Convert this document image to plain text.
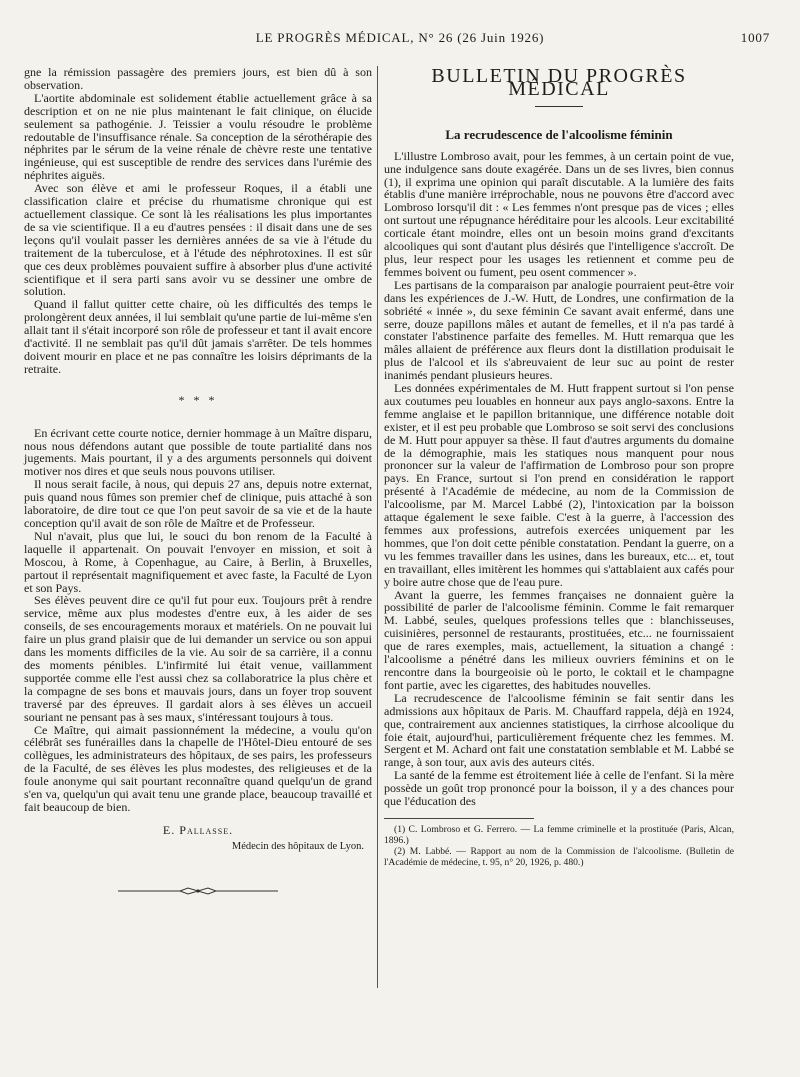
LE PROGRÈS MÉDICAL, N° 26 (26 Juin 1926)	1007

gne la rémission passagère des premiers jours, est bien dû à son observation.

L'aortite abdominale est solidement établie actuellement grâce à sa description et on ne nie plus maintenant le fait clinique, on élucide seulement sa pathogénie. J. Teissier a voulu résoudre le problème redoutable de l'insuffisance rénale. Sa conception de la sérothérapie des néphrites par le sérum de la veine rénale de chèvre reste une tentative ingénieuse, qui est susceptible de rendre des services dans l'urémie des néphrites aiguës.

Avec son élève et ami le professeur Roques, il a établi une classification claire et précise du rhumatisme chronique qui est actuellement classique. Ce sont là les réalisations les plus importantes de sa vie scientifique. Il a eu d'autres pensées : il disait dans une de ses leçons qu'il voulait passer les dernières années de sa vie à l'étude du traitement de la tuberculose, et à l'étude des néphrotoxines. Il est sûr que ces deux problèmes pouvaient suffire à absorber plus d'une activité scientifique et il sera parti sans avoir vu se dessiner une ombre de solution.

Quand il fallut quitter cette chaire, où les difficultés des temps le prolongèrent deux années, il lui semblait qu'une partie de lui-même s'en allait tant il s'était incorporé son rôle de professeur et tant il avait encore d'activité. Il ne semblait pas qu'il dût jamais s'arrêter. De tels hommes doivent mourir en place et ne pas connaître les loisirs déprimants de la retraite.

* * *

En écrivant cette courte notice, dernier hommage à un Maître disparu, nous nous défendons autant que possible de toute partialité dans nos jugements. Mais pourtant, il y a des arguments personnels qui doivent motiver nos dires et que seuls nous pouvons utiliser.

Il nous serait facile, à nous, qui depuis 27 ans, depuis notre externat, puis quand nous fûmes son premier chef de clinique, puis attaché à son laboratoire, de dire tout ce que l'on peut savoir de sa vie et de la haute conception qu'il avait de son rôle de Maître et de Professeur.

Nul n'avait, plus que lui, le souci du bon renom de la Faculté à laquelle il appartenait. On pouvait l'envoyer en mission, et soit à Moscou, à Rome, à Copenhague, au Caire, à Berlin, à Bruxelles, partout il représentait magnifiquement et avec faste, la Faculté de Lyon et son Pays.

Ses élèves peuvent dire ce qu'il fut pour eux. Toujours prêt à rendre service, même aux plus modestes d'entre eux, à les aider de ses conseils, de ses encouragements moraux et matériels. On ne pouvait lui faire un plus grand plaisir que de lui demander un service ou son appui dans les moments difficiles de la vie. Au soir de sa carrière, il a connu des moments pénibles. L'infirmité lui était venue, vaillamment supportée comme elle l'est aussi chez sa collaboratrice la plus chère et la compagne de ses bons et mauvais jours, dans un foyer trop souvent traversé par des épreuves. Il gardait alors à ses élèves un accueil souriant ne pensant pas à ses maux, s'intéressant toujours à tous.

Ce Maître, qui aimait passionnément la médecine, a voulu qu'on célébrât ses funérailles dans la chapelle de l'Hôtel-Dieu entouré de ses collègues, les administrateurs des hôpitaux, de ses pairs, les professeurs de la Faculté, de ses élèves les plus modestes, des religieuses et de la foule anonyme qui sait pourtant reconnaître quand quelqu'un de grand s'en va, quelqu'un qui avait tenu une grande place, beaucoup travaillé et fait beaucoup de bien.

E. Pallasse.
Médecin des hôpitaux de Lyon.
BULLETIN DU PROGRÈS MÉDICAL
La recrudescence de l'alcoolisme féminin

L'illustre Lombroso avait, pour les femmes, à un certain point de vue, une indulgence sans doute exagérée. Dans un de ses livres, bien connus (1), il exprima une opinion qui paraît discutable. A la lumière des faits établis d'une manière irréprochable, nous ne pouvons être d'accord avec Lombroso lorsqu'il dit : « Les femmes n'ont presque pas de vices ; elles ont surtout une répugnance héréditaire pour les alcools. Leur excitabilité corticale étant moindre, elles ont un besoin moins grand d'excitants alcooliques qui sont d'autant plus désirés que l'intelligence s'accroît. De plus, leur respect pour les usages les retiennent et comme peu de femmes boivent ou fument, peu osent commencer ».

Les partisans de la comparaison par analogie pourraient peut-être voir dans les expériences de J.-W. Hutt, de Londres, une confirmation de la sobriété « innée », du sexe féminin Ce savant avait enfermé, dans une serre, douze papillons mâles et autant de femelles, et il n'a pas tardé à constater l'abstinence parfaite des femelles. M. Hutt remarqua que les mâles allaient de préférence aux fleurs dont la distillation produisait le plus de l'alcool et ils s'abreuvaient de leur suc au point de rester inanimés pendant plusieurs heures.

Les données expérimentales de M. Hutt frappent surtout si l'on pense aux coutumes peu louables en honneur aux pays anglo-saxons. Entre la femme anglaise et le papillon britannique, une différence notable doit exister, et il est peu probable que Lombroso se soit servi des conclusions de M. Hutt pour appuyer sa thèse. Il faut d'autres arguments du domaine de la démographie, mais les statiques nous manquent pour nous prononcer sur la valeur de l'affirmation de Lombroso pour son propre pays. En France, surtout si l'on prend en considération le rapport présenté à l'Académie de médecine, au nom de la Commission de l'alcoolisme, par M. Marcel Labbé (2), l'intoxication par la boisson attaque également le sexe faible. C'est à la guerre, à l'accession des femmes aux professions, autrefois exercées uniquement par les hommes, que l'on doit cette pénible constatation. Pendant la guerre, on a vu les femmes travailler dans les usines, dans les bureaux, etc... et, tout en travaillant, elles imitèrent les hommes qui s'attablaient aux cafés pour y boire autre chose que de l'eau pure.

Avant la guerre, les femmes françaises ne donnaient guère la possibilité de parler de l'alcoolisme féminin. Comme le fait remarquer M. Labbé, seules, quelques professions telles que : blanchisseuses, cuisinières, personnel de restaurants, prostituées, etc... ne fournissaient que de rares exemples, mais, actuellement, la situation a changé : l'alcoolisme a pénétré dans les milieux ouvriers féminins et on le rencontre dans la bourgeoisie où le porto, le coktail et le champagne font partie, avec les cigarettes, des habitudes nouvelles.

La recrudescence de l'alcoolisme féminin se fait sentir dans les admissions aux hôpitaux de Paris. M. Chauffard rappela, déjà en 1924, que, contrairement aux anciennes statistiques, la cirrhose alcoolique du foie était, aujourd'hui, particulièrement fréquente chez les femmes. M. Sergent et M. Achard ont fait une constatation semblable et M. Labbé se range, à son tour, aux avis des auteurs cités.

La santé de la femme est étroitement liée à celle de l'enfant. Si la mère possède un goût trop prononcé pour la boisson, il y a des chances pour que l'éducation des

(1) C. Lombroso et G. Ferrero. — La femme criminelle et la prostituée (Paris, Alcan, 1896.)

(2) M. Labbé. — Rapport au nom de la Commission de l'alcoolisme. (Bulletin de l'Académie de médecine, t. 95, n° 20, 1926, p. 480.)
